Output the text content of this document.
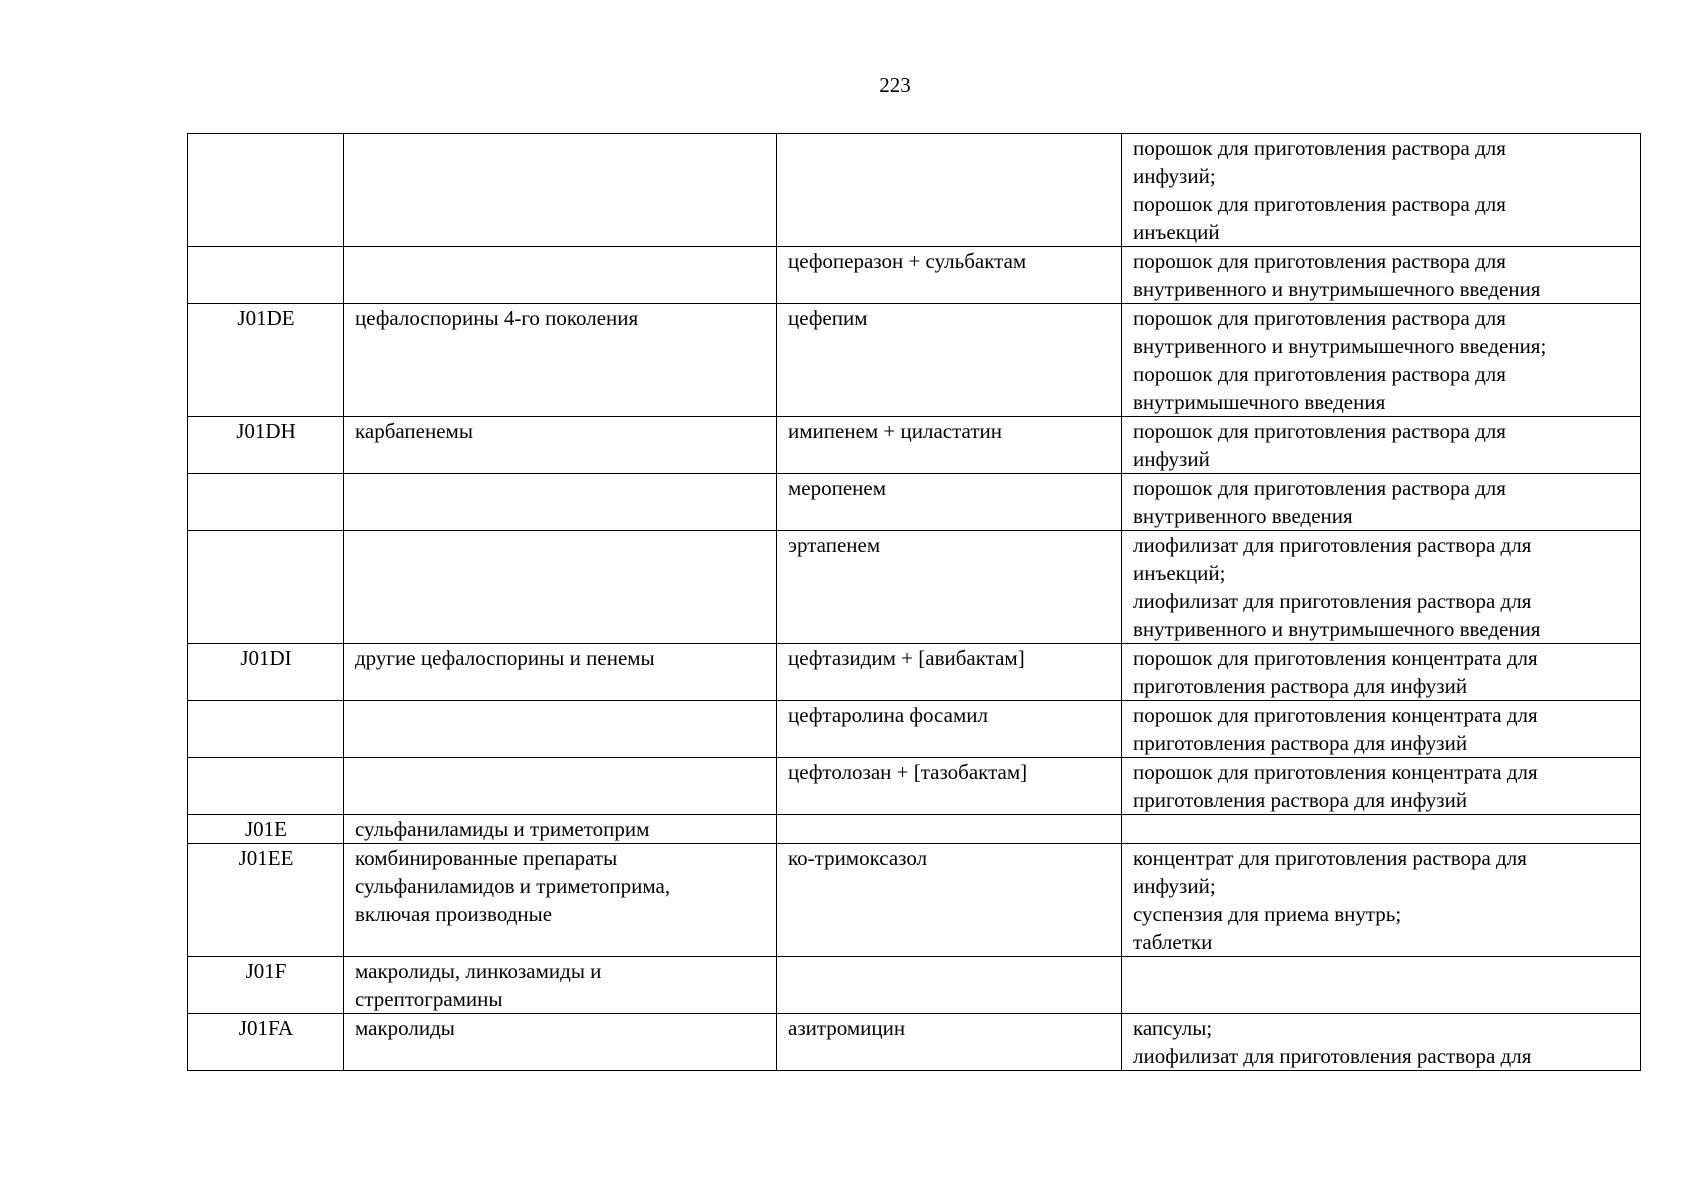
223
			порошок для приготовления раствора для
инфузий;
порошок для приготовления раствора для
инъекций
		цефоперазон + сульбактам	порошок для приготовления раствора для
внутривенного и внутримышечного введения
J01DE	цефалоспорины 4-го поколения	цефепим	порошок для приготовления раствора для
внутривенного и внутримышечного введения;
порошок для приготовления раствора для
внутримышечного введения
J01DH	карбапенемы	имипенем + циластатин	порошок для приготовления раствора для
инфузий
		меропенем	порошок для приготовления раствора для
внутривенного введения
		эртапенем	лиофилизат для приготовления раствора для
инъекций;
лиофилизат для приготовления раствора для
внутривенного и внутримышечного введения
J01DI	другие цефалоспорины и пенемы	цефтазидим + [авибактам]	порошок для приготовления концентрата для
приготовления раствора для инфузий
		цефтаролина фосамил	порошок для приготовления концентрата для
приготовления раствора для инфузий
		цефтолозан + [тазобактам]	порошок для приготовления концентрата для
приготовления раствора для инфузий
J01E	сульфаниламиды и триметоприм		
J01EE	комбинированные препараты
сульфаниламидов и триметоприма,
включая производные	ко-тримоксазол	концентрат для приготовления раствора для
инфузий;
суспензия для приема внутрь;
таблетки
J01F	макролиды, линкозамиды и
стрептограмины		
J01FA	макролиды	азитромицин	капсулы;
лиофилизат для приготовления раствора для
